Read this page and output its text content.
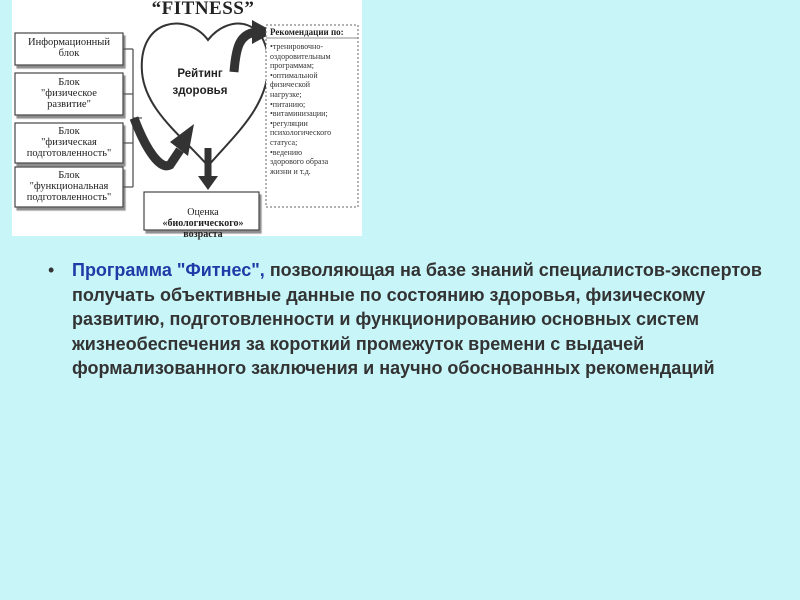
“FITNESS”
Информационный
блок
Блок
"физическое
развитие"
Блок
"физическая
подготовленность"
Блок
"функциональная
подготовленность"
Рейтинг
здоровья

Оценка

«биологического»
возраста

Рекомендации по:
•тренировочно-
оздоровительным
программам;
•оптимальной
физической
нагрузке;
•питанию;
•витаминизации;
•регуляции
психологического
статуса;
•ведению
здорового образа
жизни и т.д.
• Программа "Фитнес", позволяющая на базе знаний специалистов-экспертов получать объективные данные по состоянию здоровья, физическому развитию, подготовленности и функционированию основных систем жизнеобеспечения за короткий промежуток времени с выдачей формализованного заключения и научно обоснованных рекомендаций
